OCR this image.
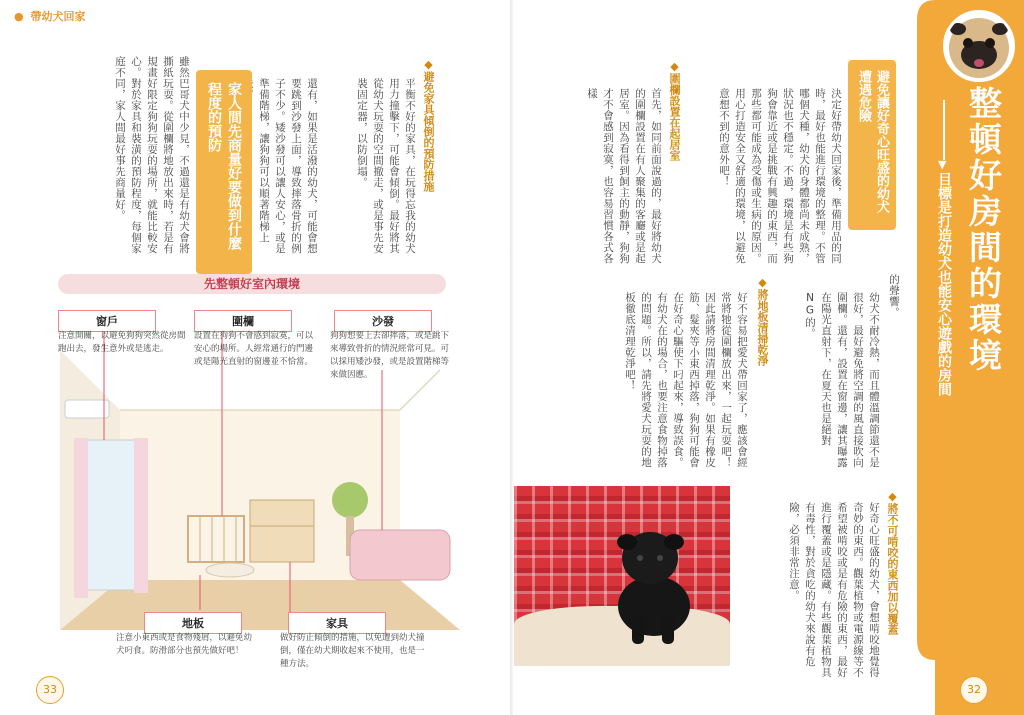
● 帶幼犬回家
整頓好房間的環境
▼
目標是打造幼犬也能安心遊戲的房間
避免讓好奇心旺盛的幼犬遭遇危險
決定好帶幼犬回家後，準備用品的同時，最好也能進行環境的整理。不管哪個犬種，幼犬的身體都尚未成熟，狀況也不穩定。不過，環境是有些狗狗會靠近或是挑戰有興趣的東西，而那些都可能成為受傷或生病的原因。用心打造安全又舒適的環境，以避免意想不到的意外吧！
◆圍欄設置在起居室
首先，如同前面說過的，最好將幼犬的圍欄設置在有人聚集的客廳或是起居室。因為看得到飼主的動靜，狗狗才不會感到寂寞，也容易習慣各式各樣
的聲響。
幼犬不耐冷熱，而且體溫調節還不是很好，最好避免將空調的風直接吹向圍欄。還有，設置在窗邊，讓其曝露在陽光直射下，在夏天也是絕對NG的。
◆將地板清掃乾淨
好不容易把愛犬帶回家了，應該會經常將牠從圍欄放出來，一起玩耍吧！因此請將房間清理乾淨。如果有橡皮筋、髮夾等小東西掉落，狗狗可能會在好奇心驅使下叼起來，導致誤食。有幼犬在的場合，也要注意食物掉落的問題。所以，請先將愛犬玩耍的地板徹底清理乾淨吧！
◆將不可啃咬的東西加以覆蓋
好奇心旺盛的幼犬，會想啃咬地覺得奇妙的東西。觀葉植物或電源線等不希望被啃咬或是有危險的東西，最好進行覆蓋或是隱藏。有些觀葉植物具有毒性，對於貪吃的幼犬來說有危險，必須非常注意。
32
◆避免家具傾倒的預防措施
平衡不好的家具，在玩得忘我的幼犬用力撞擊下，可能會傾倒。最好將其從幼犬玩耍的空間撤走，或是事先安裝固定器，以防倒塌。
還有，如果是活潑的幼犬，可能會想要跳到沙發上面，導致摔落骨折的例子不少。矮沙發可以讓人安心，或是準備階梯，讓狗狗可以順著階梯上
家人間先商量好要做到什麼程度的預防
雖然巴哥犬中少見，不過還是有幼犬會將撕紙玩耍。從圍欄將地放出來時，若是有規畫好限定狗狗玩耍的場所，就能比較安心。對於家具和裝潢的預防程度，每個家庭不同，家人間最好事先商量好。
先整頓好室內環境
窗戶
注意開關，以避免狗狗突然從房間跑出去，發生意外或是逃走。
圍欄
設置在狗狗不會感到寂寞，可以安心的場所。人經常通行的門邊或是陽光直射的窗邊並不恰當。
沙發
狗狗想要上去卻摔落，或是跳下來導致骨折的情況經常可見。可以採用矮沙發，或是設置階梯等來做因應。
地板
注意小東西或是食物殘屑，以避免幼犬叼食。防滑部分也預先做好吧！
家具
做好防止傾倒的措施，以免遭到幼犬撞倒，僅在幼犬期收起來不使用，也是一種方法。
33
